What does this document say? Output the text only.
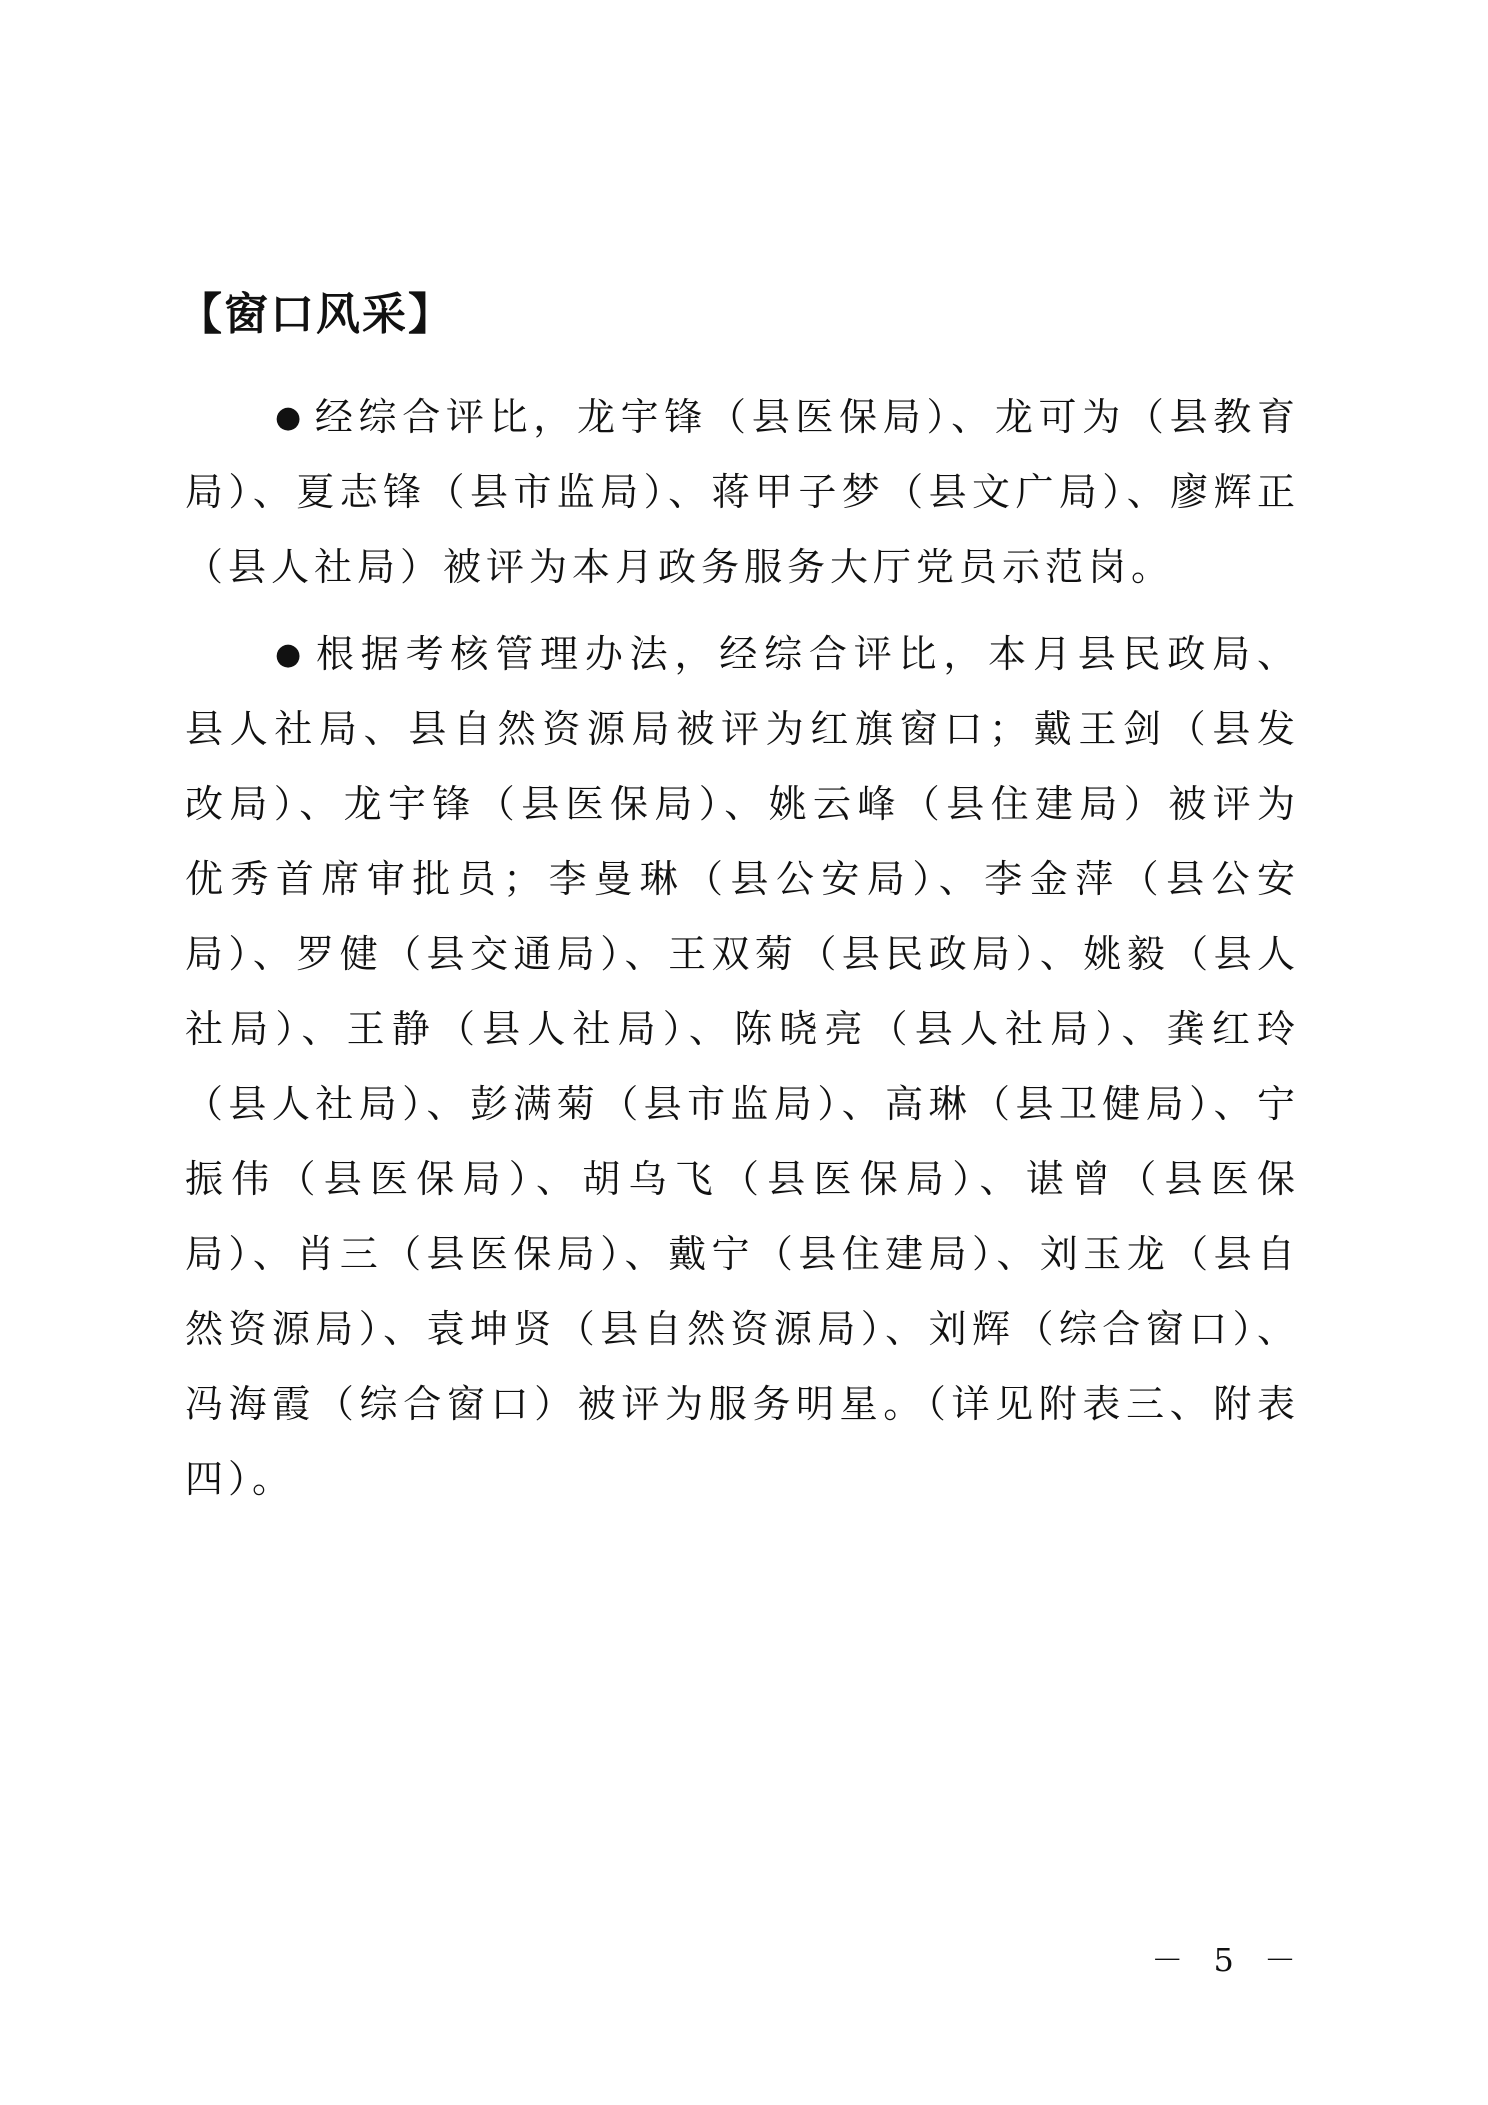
【窗口风采】

● 经综合评比，龙宇锋（县医保局）、龙可为（县教育局）、夏志锋（县市监局）、蒋甲子梦（县文广局）、廖辉正（县人社局）被评为本月政务服务大厅党员示范岗。

● 根据考核管理办法，经综合评比，本月县民政局、县人社局、县自然资源局被评为红旗窗口；戴王剑（县发改局）、龙宇锋（县医保局）、姚云峰（县住建局）被评为优秀首席审批员；李曼琳（县公安局）、李金萍（县公安局）、罗健（县交通局）、王双菊（县民政局）、姚毅（县人社局）、王静（县人社局）、陈晓亮（县人社局）、龚红玲（县人社局）、彭满菊（县市监局）、高琳（县卫健局）、宁振伟（县医保局）、胡乌飞（县医保局）、谌曾（县医保局）、肖三（县医保局）、戴宁（县住建局）、刘玉龙（县自然资源局）、袁坤贤（县自然资源局）、刘辉（综合窗口）、冯海霞（综合窗口）被评为服务明星。（详见附表三、附表四）。

－ 5 －
